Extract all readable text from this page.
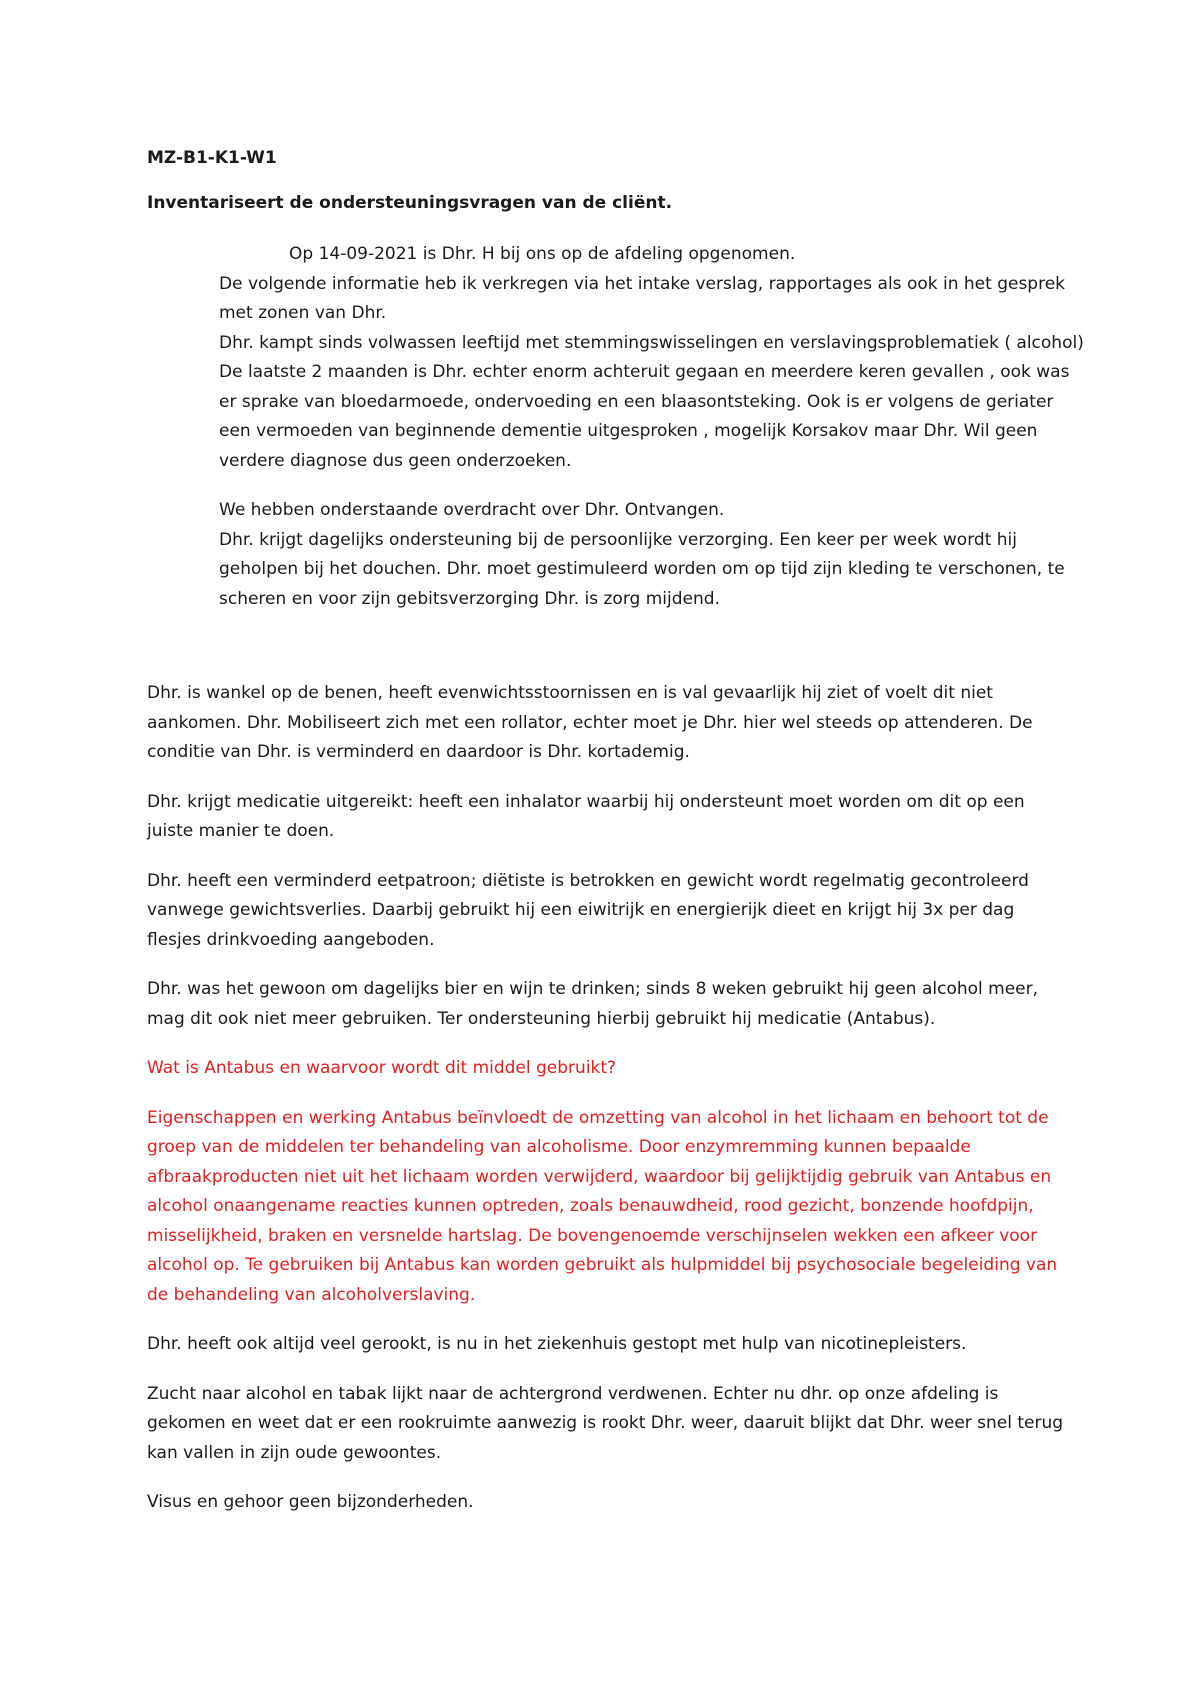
MZ-B1-K1-W1

Inventariseert de ondersteuningsvragen van de cliënt.

Op 14-09-2021 is Dhr. H bij ons op de afdeling opgenomen.

De volgende informatie heb ik verkregen via het intake verslag, rapportages als ook in het gesprek met zonen van Dhr.

Dhr. kampt sinds volwassen leeftijd met stemmingswisselingen en verslavingsproblematiek ( alcohol) De laatste 2 maanden is Dhr. echter enorm achteruit gegaan en meerdere keren gevallen , ook was er sprake van bloedarmoede, ondervoeding en een blaasontsteking. Ook is er volgens de geriater een vermoeden van beginnende dementie uitgesproken , mogelijk Korsakov maar Dhr. Wil geen verdere diagnose dus geen onderzoeken.

We hebben onderstaande overdracht over Dhr. Ontvangen.

Dhr. krijgt dagelijks ondersteuning bij de persoonlijke verzorging. Een keer per week wordt hij geholpen bij het douchen. Dhr. moet gestimuleerd worden om op tijd zijn kleding te verschonen, te scheren en voor zijn gebitsverzorging Dhr. is zorg mijdend.

Dhr. is wankel op de benen, heeft evenwichtsstoornissen en is val gevaarlijk hij ziet of voelt dit niet aankomen. Dhr. Mobiliseert zich met een rollator, echter moet je Dhr. hier wel steeds op attenderen. De conditie van Dhr. is verminderd en daardoor is Dhr. kortademig.

Dhr. krijgt medicatie uitgereikt: heeft een inhalator waarbij hij ondersteunt moet worden om dit op een juiste manier te doen.

Dhr. heeft een verminderd eetpatroon; diëtiste is betrokken en gewicht wordt regelmatig gecontroleerd vanwege gewichtsverlies. Daarbij gebruikt hij een eiwitrijk en energierijk dieet en krijgt hij 3x per dag flesjes drinkvoeding aangeboden.

Dhr. was het gewoon om dagelijks bier en wijn te drinken; sinds 8 weken gebruikt hij geen alcohol meer, mag dit ook niet meer gebruiken. Ter ondersteuning hierbij gebruikt hij medicatie (Antabus).

Wat is Antabus en waarvoor wordt dit middel gebruikt?

Eigenschappen en werking Antabus beïnvloedt de omzetting van alcohol in het lichaam en behoort tot de groep van de middelen ter behandeling van alcoholisme. Door enzymremming kunnen bepaalde afbraakproducten niet uit het lichaam worden verwijderd, waardoor bij gelijktijdig gebruik van Antabus en alcohol onaangename reacties kunnen optreden, zoals benauwdheid, rood gezicht, bonzende hoofdpijn, misselijkheid, braken en versnelde hartslag. De bovengenoemde verschijnselen wekken een afkeer voor alcohol op. Te gebruiken bij Antabus kan worden gebruikt als hulpmiddel bij psychosociale begeleiding van de behandeling van alcoholverslaving.

Dhr. heeft ook altijd veel gerookt, is nu in het ziekenhuis gestopt met hulp van nicotinepleisters.

Zucht naar alcohol en tabak lijkt naar de achtergrond verdwenen. Echter nu dhr. op onze afdeling is gekomen en weet dat er een rookruimte aanwezig is rookt Dhr. weer, daaruit blijkt dat Dhr. weer snel terug kan vallen in zijn oude gewoontes.

Visus en gehoor geen bijzonderheden.
